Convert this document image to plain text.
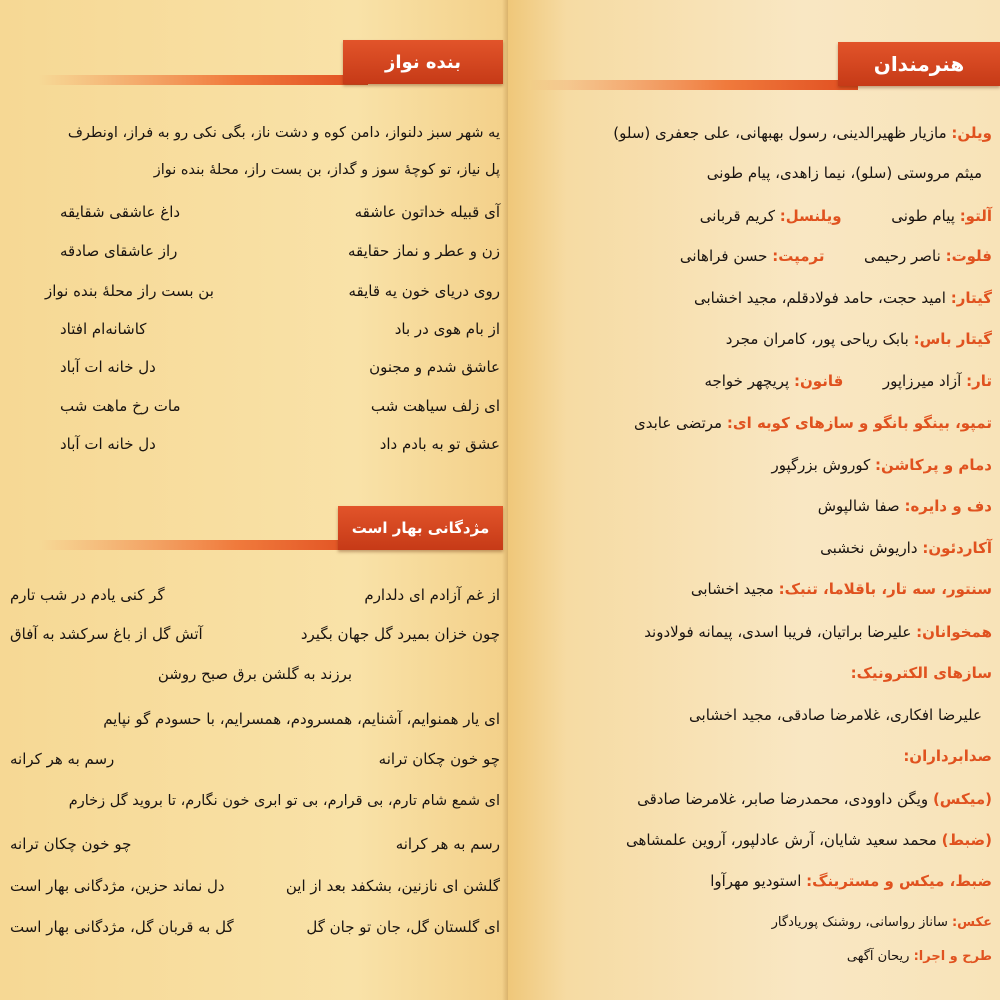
بنده نواز
یه شهر سبز دلنواز، دامن کوه و دشت ناز، بگی نکی رو به فراز، اونطرف
پل نیاز، تو کوچهٔ سوز و گداز، بن بست راز، محلهٔ بنده نواز
آی قبیله خداتون عاشقه
داغ عاشقی شقایقه
زن و عطر و نماز حقایقه
راز عاشقای صادقه
روی دریای خون یه قایقه
بن بست راز محلهٔ بنده نواز
از بام هوی در باد
کاشانه‌ام افتاد
عاشق شدم و مجنون
دل خانه ات آباد
ای زلف سیاهت شب
مات رخ ماهت شب
عشق تو به بادم داد
دل خانه ات آباد
مژدگانی بهار است
از غم آزادم ای دلدارم
گر کنی یادم در شب تارم
چون خزان بمیرد گل جهان بگیرد
آتش گل از باغ سرکشد به آفاق
برزند به گلشن برق صبح روشن
ای یار همنوایم، آشنایم، همسرودم، همسرایم، با حسودم گو نپایم
چو خون چکان ترانه
رسم به هر کرانه
ای شمع شام تارم، بی قرارم، بی تو ابری خون نگارم، تا بروید گل زخارم
رسم به هر کرانه
چو خون چکان ترانه
گلشن ای نازنین، بشکفد بعد از این
دل نماند حزین، مژدگانی بهار است
ای گلستان گل، جان تو جان گل
گل به قربان گل، مژدگانی بهار است
هنرمندان
ویلن: مازیار ظهیرالدینی، رسول بهبهانی، علی جعفری (سلو)
میثم مروستی (سلو)، نیما زاهدی، پیام طونی
آلتو: پیام طونی  ویلنسل: کریم قربانی
فلوت: ناصر رحیمی  ترمپت: حسن فراهانی
گیتار: امید حجت، حامد فولادقلم، مجید اخشابی
گیتار باس: بابک ریاحی پور، کامران مجرد
تار: آزاد میرزاپور  قانون: پریچهر خواجه
تمپو، بینگو بانگو و سازهای کوبه ای: مرتضی عابدی
دمام و پرکاشن: کوروش بزرگپور
دف و دایره: صفا شالپوش
آکاردئون: داریوش نخشبی
سنتور، سه تار، باقلاما، تنبک: مجید اخشابی
همخوانان: علیرضا براتیان، فریبا اسدی، پیمانه فولادوند
سازهای الکترونیک:
علیرضا افکاری، غلامرضا صادقی، مجید اخشابی
صدابرداران:
(میکس) ویگن داوودی، محمدرضا صابر، غلامرضا صادقی
(ضبط) محمد سعید شایان، آرش عادلپور، آروین علمشاهی
ضبط، میکس و مسترینگ: استودیو مهرآوا
عکس: ساناز رواسانی، روشنک پوریادگار
طرح و اجرا: ریحان آگهی
